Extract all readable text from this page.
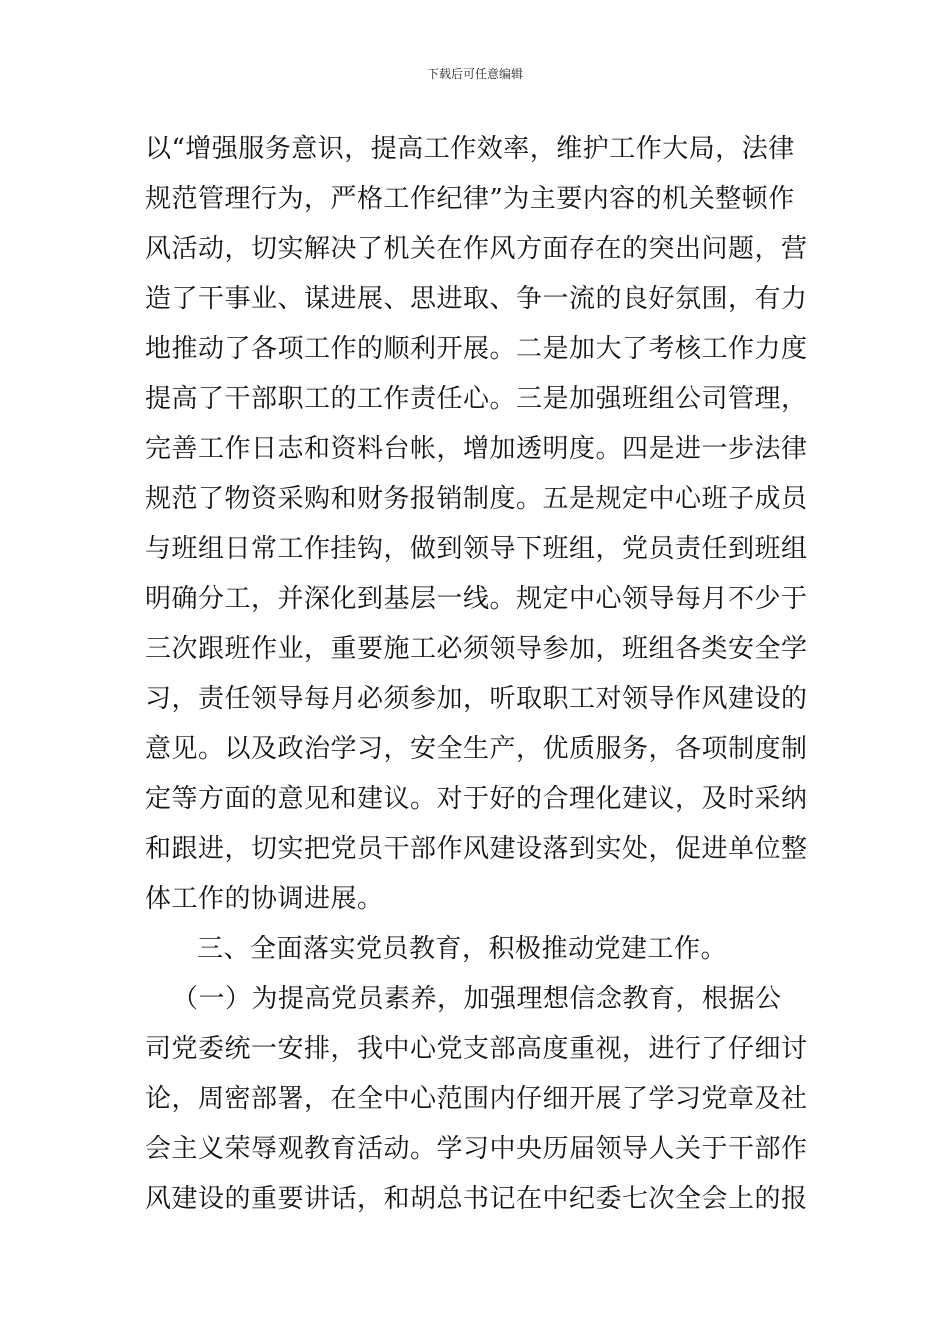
下载后可任意编辑
以“增强服务意识，提高工作效率，维护工作大局，法律
规范管理行为，严格工作纪律”为主要内容的机关整顿作
风活动，切实解决了机关在作风方面存在的突出问题，营
造了干事业、谋进展、思进取、争一流的良好氛围，有力
地推动了各项工作的顺利开展。二是加大了考核工作力度
提高了干部职工的工作责任心。三是加强班组公司管理，
完善工作日志和资料台帐，增加透明度。四是进一步法律
规范了物资采购和财务报销制度。五是规定中心班子成员
与班组日常工作挂钩，做到领导下班组，党员责任到班组
明确分工，并深化到基层一线。规定中心领导每月不少于
三次跟班作业，重要施工必须领导参加，班组各类安全学
习，责任领导每月必须参加，听取职工对领导作风建设的
意见。以及政治学习，安全生产，优质服务，各项制度制
定等方面的意见和建议。对于好的合理化建议，及时采纳
和跟进，切实把党员干部作风建设落到实处，促进单位整
体工作的协调进展。
三、全面落实党员教育，积极推动党建工作。
（一）为提高党员素养，加强理想信念教育，根据公
司党委统一安排，我中心党支部高度重视，进行了仔细讨
论，周密部署，在全中心范围内仔细开展了学习党章及社
会主义荣辱观教育活动。学习中央历届领导人关于干部作
风建设的重要讲话，和胡总书记在中纪委七次全会上的报
